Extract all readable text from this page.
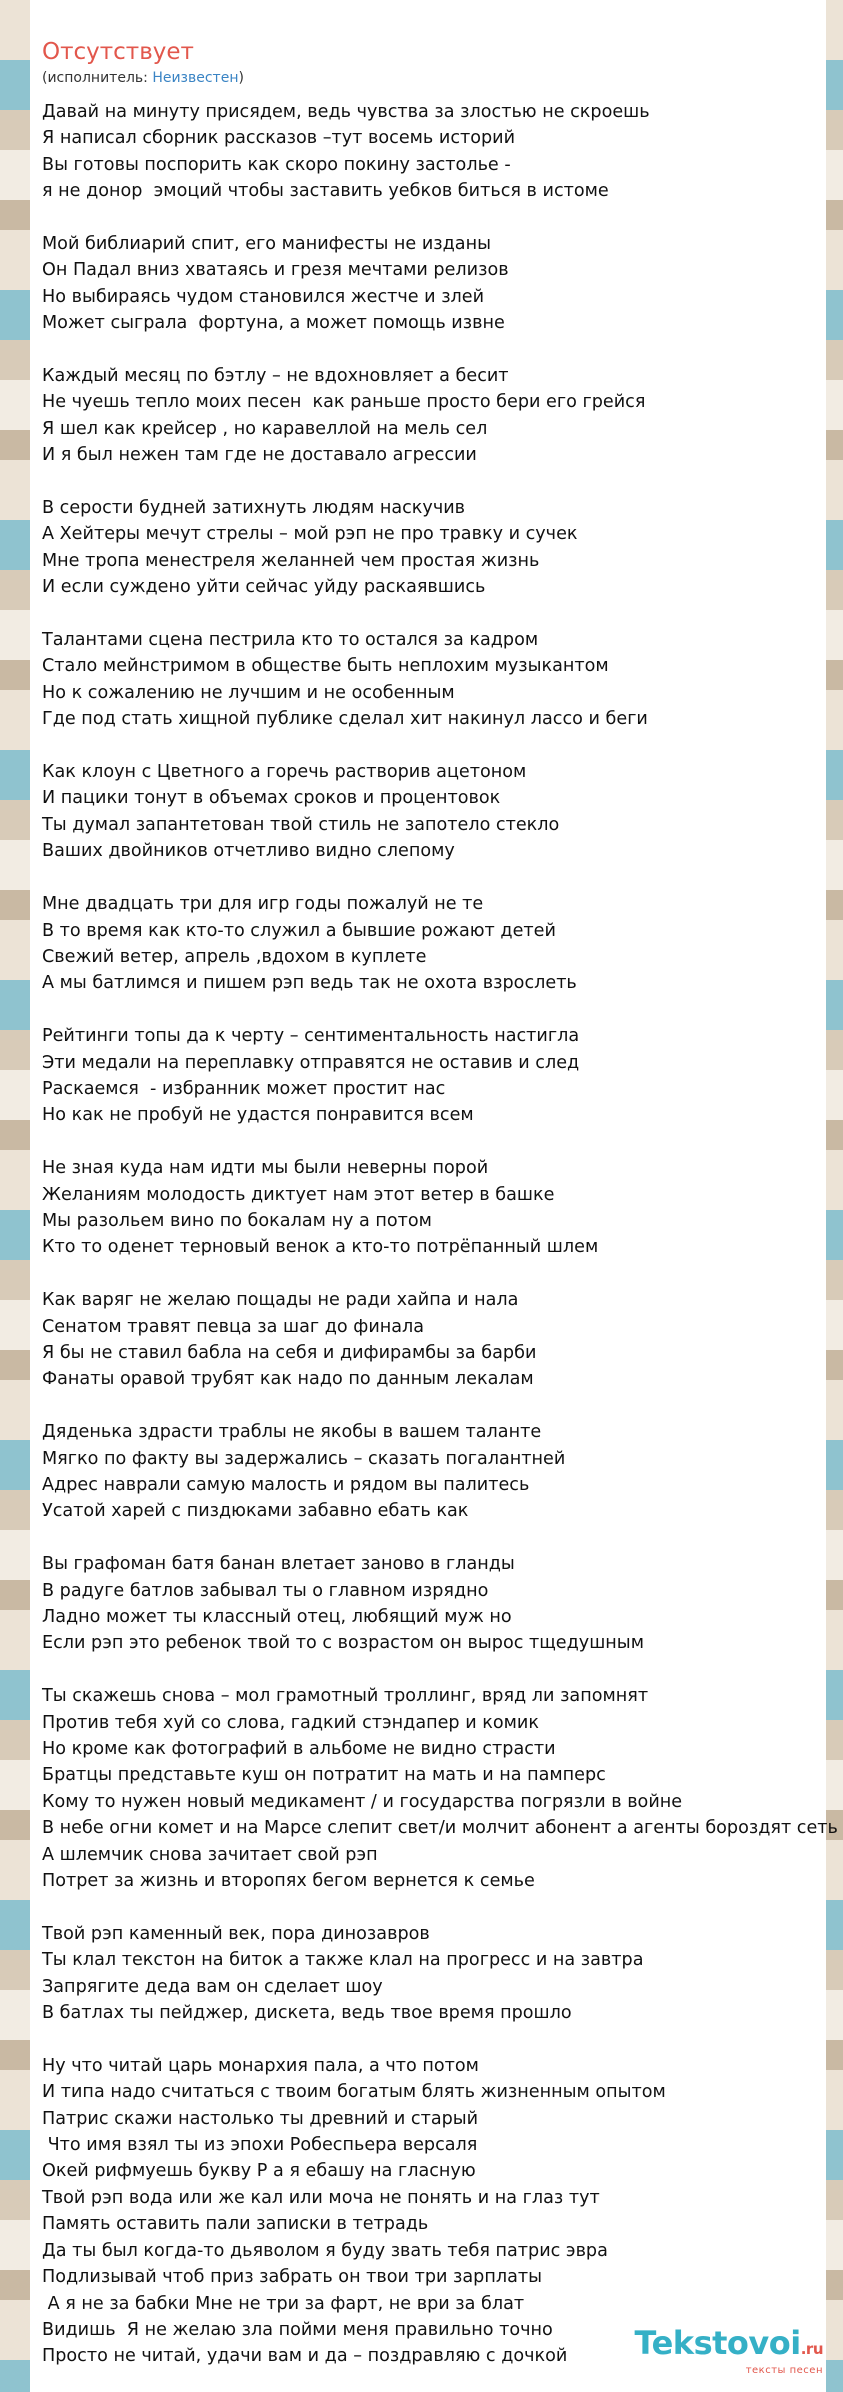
Отсутствует
(исполнитель: Неизвестен)
Давай на минуту присядем, ведь чувства за злостью не скроешь
Я написал сборник рассказов –тут восемь историй
Вы готовы поспорить как скоро покину застолье -
я не донор  эмоций чтобы заставить уебков биться в истоме
Мой библиарий спит, его манифесты не изданы
Он Падал вниз хватаясь и грезя мечтами релизов
Но выбираясь чудом становился жестче и злей
Может сыграла  фортуна, а может помощь извне
Каждый месяц по бэтлу – не вдохновляет а бесит
Не чуешь тепло моих песен  как раньше просто бери его грейся
Я шел как крейсер , но каравеллой на мель сел
И я был нежен там где не доставало агрессии
В серости будней затихнуть людям наскучив
А Хейтеры мечут стрелы – мой рэп не про травку и сучек
Мне тропа менестреля желанней чем простая жизнь
И если суждено уйти сейчас уйду раскаявшись
Талантами сцена пестрила кто то остался за кадром
Стало мейнстримом в обществе быть неплохим музыкантом
Но к сожалению не лучшим и не особенным
Где под стать хищной публике сделал хит накинул лассо и беги
Как клоун с Цветного а горечь растворив ацетоном
И пацики тонут в объемах сроков и процентовок
Ты думал запантетован твой стиль не запотело стекло
Ваших двойников отчетливо видно слепому
Мне двадцать три для игр годы пожалуй не те
В то время как кто-то служил а бывшие рожают детей
Свежий ветер, апрель ,вдохом в куплете
А мы батлимся и пишем рэп ведь так не охота взрослеть
Рейтинги топы да к черту – сентиментальность настигла
Эти медали на переплавку отправятся не оставив и след
Раскаемся  - избранник может простит нас
Но как не пробуй не удастся понравится всем
Не зная куда нам идти мы были неверны порой
Желаниям молодость диктует нам этот ветер в башке
Мы разольем вино по бокалам ну а потом
Кто то оденет терновый венок а кто-то потрёпанный шлем
Как варяг не желаю пощады не ради хайпа и нала
Сенатом травят певца за шаг до финала
Я бы не ставил бабла на себя и дифирамбы за барби
Фанаты оравой трубят как надо по данным лекалам
Дяденька здрасти траблы не якобы в вашем таланте
Мягко по факту вы задержались – сказать погалантней
Адрес наврали самую малость и рядом вы палитесь
Усатой харей с пиздюками забавно ебать как
Вы графоман батя банан влетает заново в гланды
В радуге батлов забывал ты о главном изрядно
Ладно может ты классный отец, любящий муж но
Если рэп это ребенок твой то с возрастом он вырос тщедушным
Ты скажешь снова – мол грамотный троллинг, вряд ли запомнят
Против тебя хуй со слова, гадкий стэндапер и комик
Но кроме как фотографий в альбоме не видно страсти
Братцы представьте куш он потратит на мать и на памперс
Кому то нужен новый медикамент / и государства погрязли в войне
В небе огни комет и на Марсе слепит свет/и молчит абонент а агенты бороздят сеть
А шлемчик снова зачитает свой рэп
Потрет за жизнь и второпях бегом вернется к семье
Твой рэп каменный век, пора динозавров
Ты клал текстон на биток а также клал на прогресс и на завтра
Запрягите деда вам он сделает шоу
В батлах ты пейджер, дискета, ведь твое время прошло
Ну что читай царь монархия пала, а что потом
И типа надо считаться с твоим богатым блять жизненным опытом
Патрис скажи настолько ты древний и старый
Что имя взял ты из эпохи Робеспьера версаля
Окей рифмуешь букву Р а я ебашу на гласную
Твой рэп вода или же кал или моча не понять и на глаз тут
Память оставить пали записки в тетрадь
Да ты был когда-то дьяволом я буду звать тебя патрис эвра
Подлизывай чтоб приз забрать он твои три зарплаты
А я не за бабки Мне не три за фарт, не ври за блат
Видишь  Я не желаю зла пойми меня правильно точно
Просто не читай, удачи вам и да – поздравляю с дочкой	Tekstovoi.ru
тексты песен
